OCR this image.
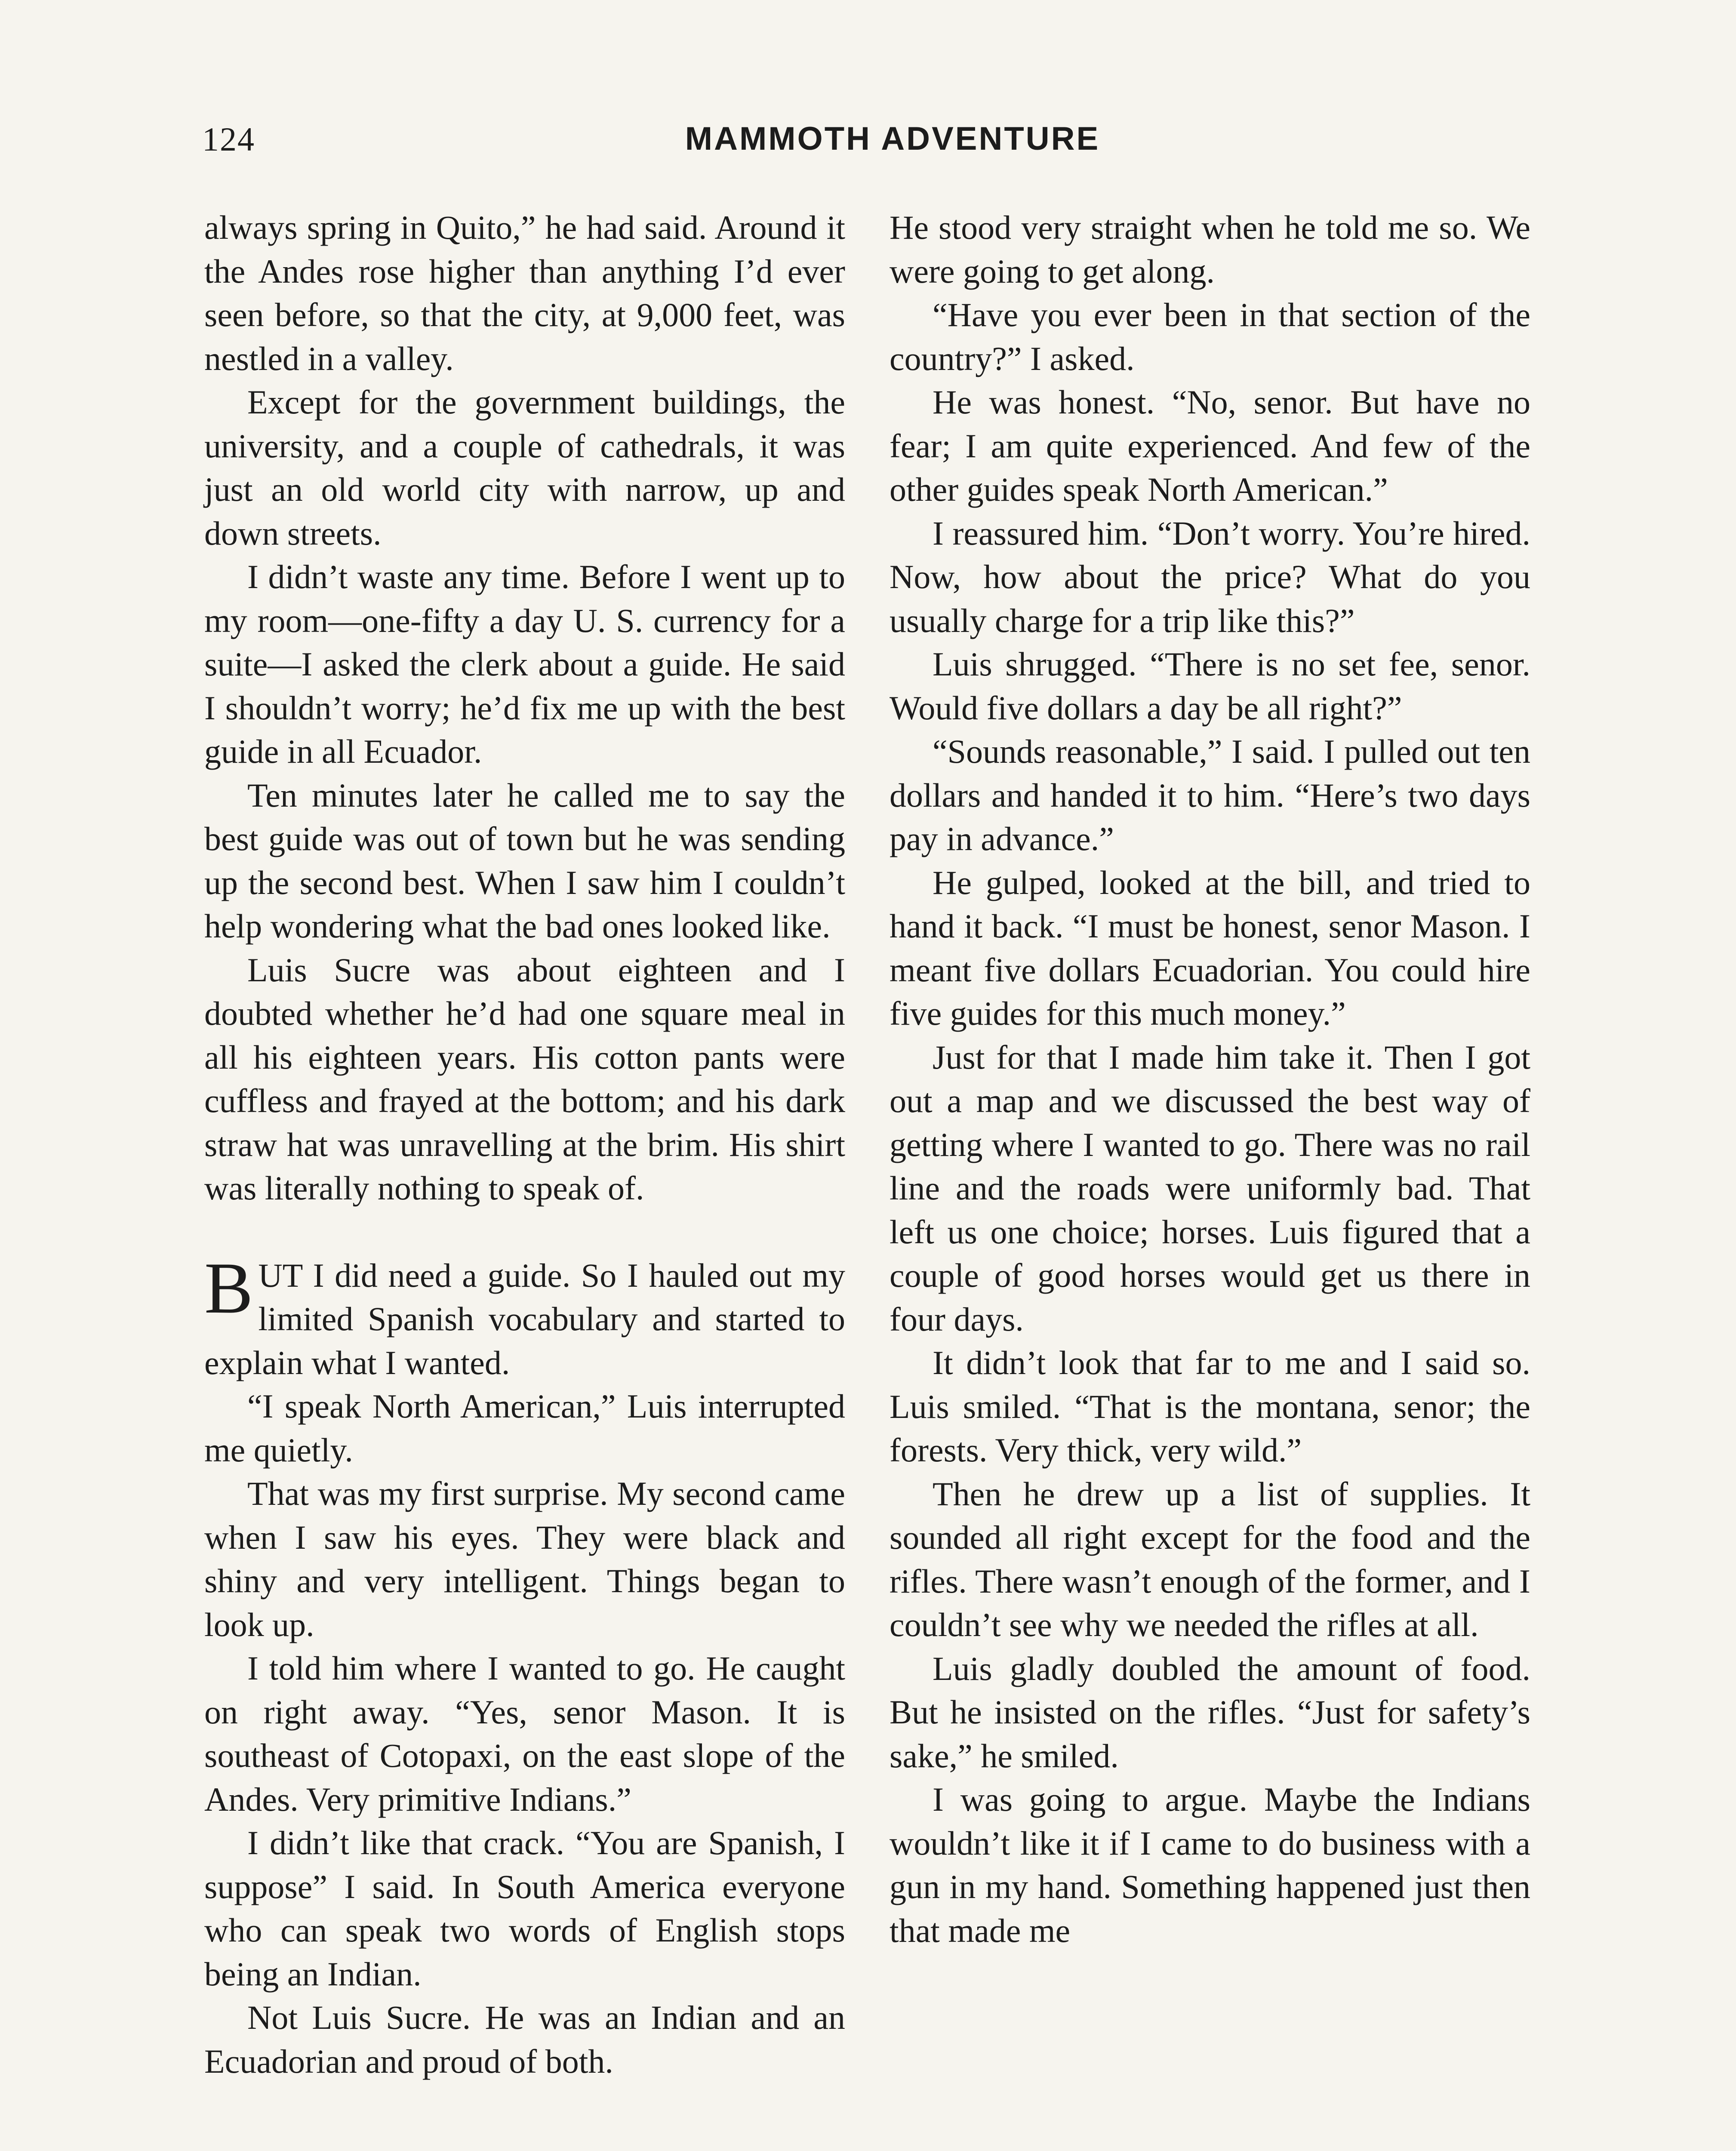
124	MAMMOTH ADVENTURE

always spring in Quito,” he had said. Around it the Andes rose higher than anything I’d ever seen before, so that the city, at 9,000 feet, was nestled in a valley.

Except for the government buildings, the university, and a couple of cathedrals, it was just an old world city with narrow, up and down streets.

I didn’t waste any time. Before I went up to my room—one-fifty a day U. S. currency for a suite—I asked the clerk about a guide. He said I shouldn’t worry; he’d fix me up with the best guide in all Ecuador.

Ten minutes later he called me to say the best guide was out of town but he was sending up the second best. When I saw him I couldn’t help wondering what the bad ones looked like.

Luis Sucre was about eighteen and I doubted whether he’d had one square meal in all his eighteen years. His cotton pants were cuffless and frayed at the bottom; and his dark straw hat was unravelling at the brim. His shirt was literally nothing to speak of.

BUT I did need a guide. So I hauled out my limited Spanish vocabulary and started to explain what I wanted.

“I speak North American,” Luis interrupted me quietly.

That was my first surprise. My second came when I saw his eyes. They were black and shiny and very intelligent. Things began to look up.

I told him where I wanted to go. He caught on right away. “Yes, senor Mason. It is southeast of Cotopaxi, on the east slope of the Andes. Very primitive Indians.”

I didn’t like that crack. “You are Spanish, I suppose” I said. In South America everyone who can speak two words of English stops being an Indian.

Not Luis Sucre. He was an Indian and an Ecuadorian and proud of both.

He stood very straight when he told me so. We were going to get along.

“Have you ever been in that section of the country?” I asked.

He was honest. “No, senor. But have no fear; I am quite experienced. And few of the other guides speak North American.”

I reassured him. “Don’t worry. You’re hired. Now, how about the price? What do you usually charge for a trip like this?”

Luis shrugged. “There is no set fee, senor. Would five dollars a day be all right?”

“Sounds reasonable,” I said. I pulled out ten dollars and handed it to him. “Here’s two days pay in advance.”

He gulped, looked at the bill, and tried to hand it back. “I must be honest, senor Mason. I meant five dollars Ecuadorian. You could hire five guides for this much money.”

Just for that I made him take it. Then I got out a map and we discussed the best way of getting where I wanted to go. There was no rail line and the roads were uniformly bad. That left us one choice; horses. Luis figured that a couple of good horses would get us there in four days.

It didn’t look that far to me and I said so. Luis smiled. “That is the montana, senor; the forests. Very thick, very wild.”

Then he drew up a list of supplies. It sounded all right except for the food and the rifles. There wasn’t enough of the former, and I couldn’t see why we needed the rifles at all.

Luis gladly doubled the amount of food. But he insisted on the rifles. “Just for safety’s sake,” he smiled.

I was going to argue. Maybe the Indians wouldn’t like it if I came to do business with a gun in my hand. Something happened just then that made me
